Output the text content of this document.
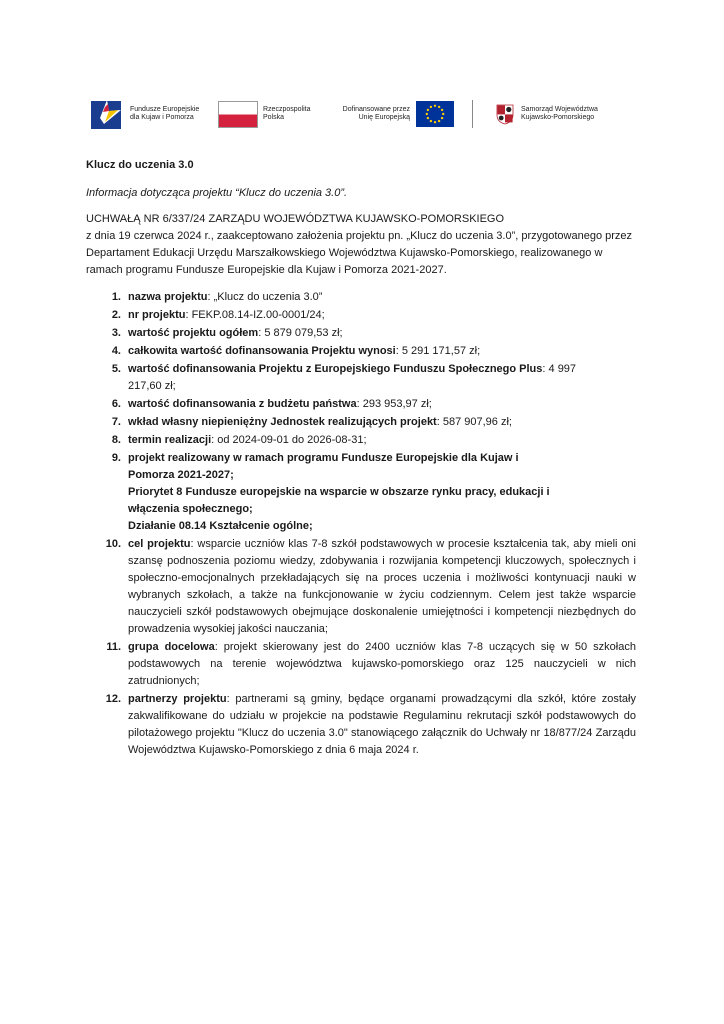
Fundusze Europejskie
dla Kujaw i Pomorza
Rzeczpospolita
Polska
Dofinansowane przez
Unię Europejską
Samorząd Województwa
Kujawsko-Pomorskiego

Klucz do uczenia 3.0

Informacja dotycząca projektu “Klucz do uczenia 3.0”.

UCHWAŁĄ NR 6/337/24 ZARZĄDU WOJEWÓDZTWA KUJAWSKO-POMORSKIEGO
z dnia 19 czerwca 2024 r., zaakceptowano założenia projektu pn. „Klucz do uczenia 3.0”, przygotowanego przez Departament Edukacji Urzędu Marszałkowskiego Województwa Kujawsko-Pomorskiego, realizowanego w ramach programu Fundusze Europejskie dla Kujaw i Pomorza 2021-2027.

1. nazwa projektu: „Klucz do uczenia 3.0”
2. nr projektu: FEKP.08.14-IZ.00-0001/24;
3. wartość projektu ogółem: 5 879 079,53 zł;
4. całkowita wartość dofinansowania Projektu wynosi: 5 291 171,57 zł;
5. wartość dofinansowania Projektu z Europejskiego Funduszu Społecznego Plus: 4 997 217,60 zł;
6. wartość dofinansowania z budżetu państwa: 293 953,97 zł;
7. wkład własny niepieniężny Jednostek realizujących projekt: 587 907,96 zł;
8. termin realizacji: od 2024-09-01 do 2026-08-31;
9. projekt realizowany w ramach programu Fundusze Europejskie dla Kujaw i Pomorza 2021-2027;
Priorytet 8 Fundusze europejskie na wsparcie w obszarze rynku pracy, edukacji i włączenia społecznego;
Działanie 08.14 Kształcenie ogólne;
10. cel projektu: wsparcie uczniów klas 7-8 szkół podstawowych w procesie kształcenia tak, aby mieli oni szansę podnoszenia poziomu wiedzy, zdobywania i rozwijania kompetencji kluczowych, społecznych i społeczno-emocjonalnych przekładających się na proces uczenia i możliwości kontynuacji nauki w wybranych szkołach, a także na funkcjonowanie w życiu codziennym. Celem jest także wsparcie nauczycieli szkół podstawowych obejmujące doskonalenie umiejętności i kompetencji niezbędnych do prowadzenia wysokiej jakości nauczania;
11. grupa docelowa: projekt skierowany jest do 2400 uczniów klas 7-8 uczących się w 50 szkołach podstawowych na terenie województwa kujawsko-pomorskiego oraz 125 nauczycieli w nich zatrudnionych;
12. partnerzy projektu: partnerami są gminy, będące organami prowadzącymi dla szkół, które zostały zakwalifikowane do udziału w projekcie na podstawie Regulaminu rekrutacji szkół podstawowych do pilotażowego projektu "Klucz do uczenia 3.0" stanowiącego załącznik do Uchwały nr 18/877/24 Zarządu Województwa Kujawsko-Pomorskiego z dnia 6 maja 2024 r.
